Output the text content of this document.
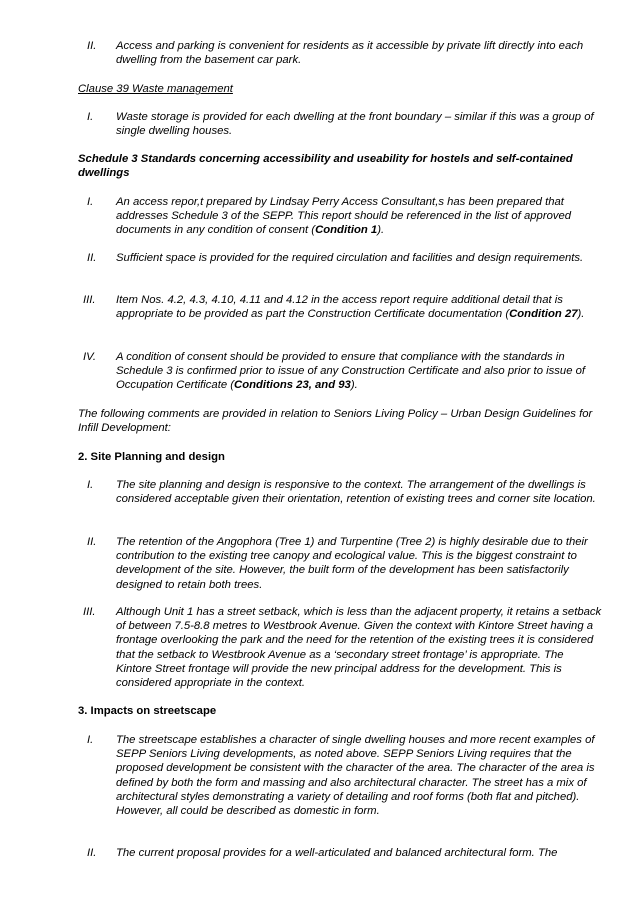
II. Access and parking is convenient for residents as it accessible by private lift directly into each dwelling from the basement car park.
Clause 39 Waste management
I. Waste storage is provided for each dwelling at the front boundary – similar if this was a group of single dwelling houses.
Schedule 3 Standards concerning accessibility and useability for hostels and self-contained dwellings
I. An access repor,t prepared by Lindsay Perry Access Consultant,s has been prepared that addresses Schedule 3 of the SEPP. This report should be referenced in the list of approved documents in any condition of consent (Condition 1).
II. Sufficient space is provided for the required circulation and facilities and design requirements.
III. Item Nos. 4.2, 4.3, 4.10, 4.11 and 4.12 in the access report require additional detail that is appropriate to be provided as part the Construction Certificate documentation (Condition 27).
IV. A condition of consent should be provided to ensure that compliance with the standards in Schedule 3 is confirmed prior to issue of any Construction Certificate and also prior to issue of Occupation Certificate (Conditions 23, and 93).
The following comments are provided in relation to Seniors Living Policy – Urban Design Guidelines for Infill Development:
2. Site Planning and design
I. The site planning and design is responsive to the context. The arrangement of the dwellings is considered acceptable given their orientation, retention of existing trees and corner site location.
II. The retention of the Angophora (Tree 1) and Turpentine (Tree 2) is highly desirable due to their contribution to the existing tree canopy and ecological value. This is the biggest constraint to development of the site. However, the built form of the development has been satisfactorily designed to retain both trees.
III. Although Unit 1 has a street setback, which is less than the adjacent property, it retains a setback of between 7.5-8.8 metres to Westbrook Avenue. Given the context with Kintore Street having a frontage overlooking the park and the need for the retention of the existing trees it is considered that the setback to Westbrook Avenue as a ‘secondary street frontage’ is appropriate. The Kintore Street frontage will provide the new principal address for the development. This is considered appropriate in the context.
3. Impacts on streetscape
I. The streetscape establishes a character of single dwelling houses and more recent examples of SEPP Seniors Living developments, as noted above. SEPP Seniors Living requires that the proposed development be consistent with the character of the area. The character of the area is defined by both the form and massing and also architectural character. The street has a mix of architectural styles demonstrating a variety of detailing and roof forms (both flat and pitched). However, all could be described as domestic in form.
II. The current proposal provides for a well-articulated and balanced architectural form. The
